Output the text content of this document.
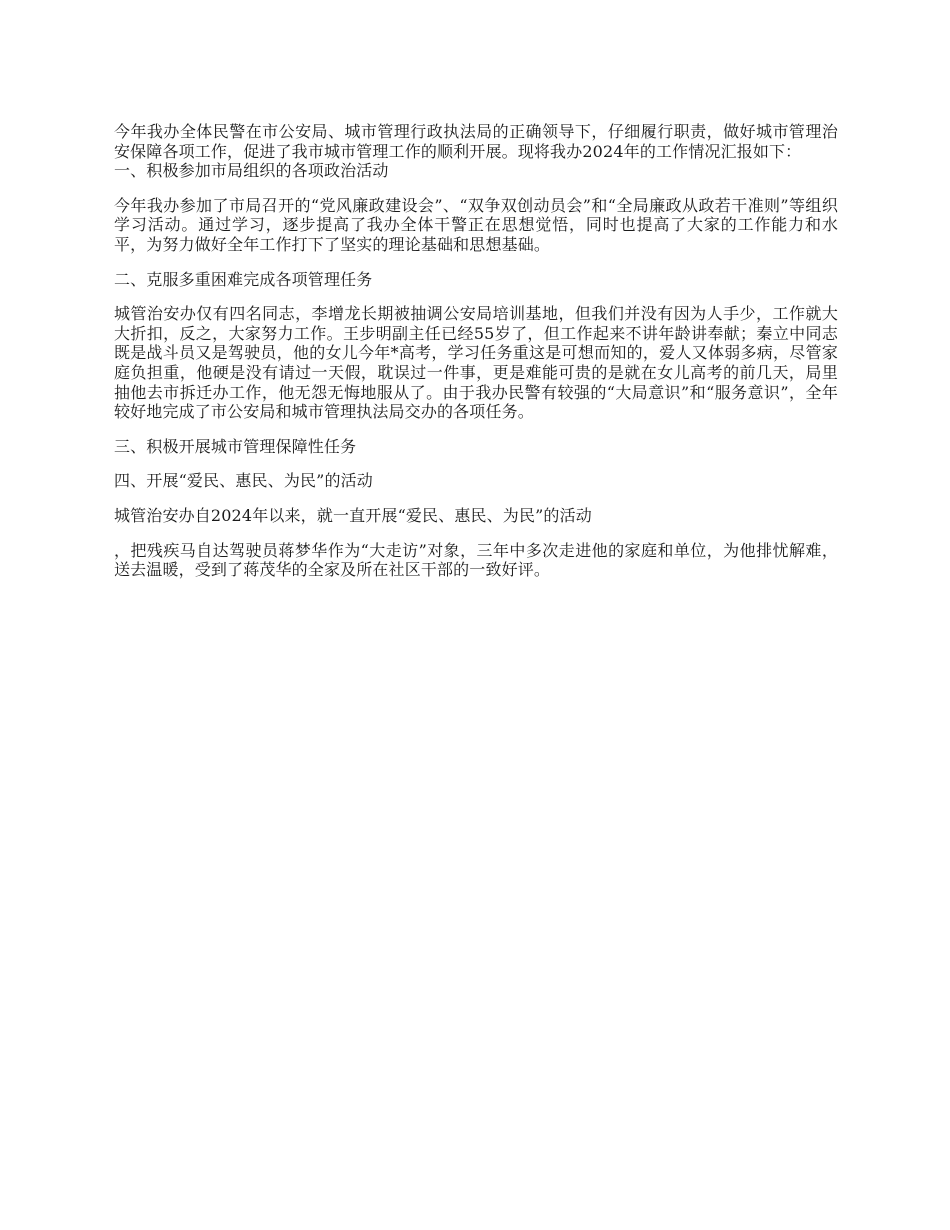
今年我办全体民警在市公安局、城市管理行政执法局的正确领导下，仔细履行职责，做好城市管理治安保障各项工作，促进了我市城市管理工作的顺利开展。现将我办2024年的工作情况汇报如下：

一、积极参加市局组织的各项政治活动

今年我办参加了市局召开的“党风廉政建设会”、“双争双创动员会”和“全局廉政从政若干准则”等组织学习活动。通过学习，逐步提高了我办全体干警正在思想觉悟，同时也提高了大家的工作能力和水平，为努力做好全年工作打下了坚实的理论基础和思想基础。

二、克服多重困难完成各项管理任务

城管治安办仅有四名同志，李增龙长期被抽调公安局培训基地，但我们并没有因为人手少，工作就大大折扣，反之，大家努力工作。王步明副主任已经55岁了，但工作起来不讲年龄讲奉献；秦立中同志既是战斗员又是驾驶员，他的女儿今年*高考，学习任务重这是可想而知的，爱人又体弱多病，尽管家庭负担重，他硬是没有请过一天假，耽误过一件事，更是难能可贵的是就在女儿高考的前几天，局里抽他去市拆迁办工作，他无怨无悔地服从了。由于我办民警有较强的“大局意识”和“服务意识”，全年较好地完成了市公安局和城市管理执法局交办的各项任务。

三、积极开展城市管理保障性任务

四、开展“爱民、惠民、为民”的活动

城管治安办自2024年以来，就一直开展“爱民、惠民、为民”的活动

，把残疾马自达驾驶员蒋梦华作为“大走访”对象，三年中多次走进他的家庭和单位，为他排忧解难，送去温暖，受到了蒋茂华的全家及所在社区干部的一致好评。
